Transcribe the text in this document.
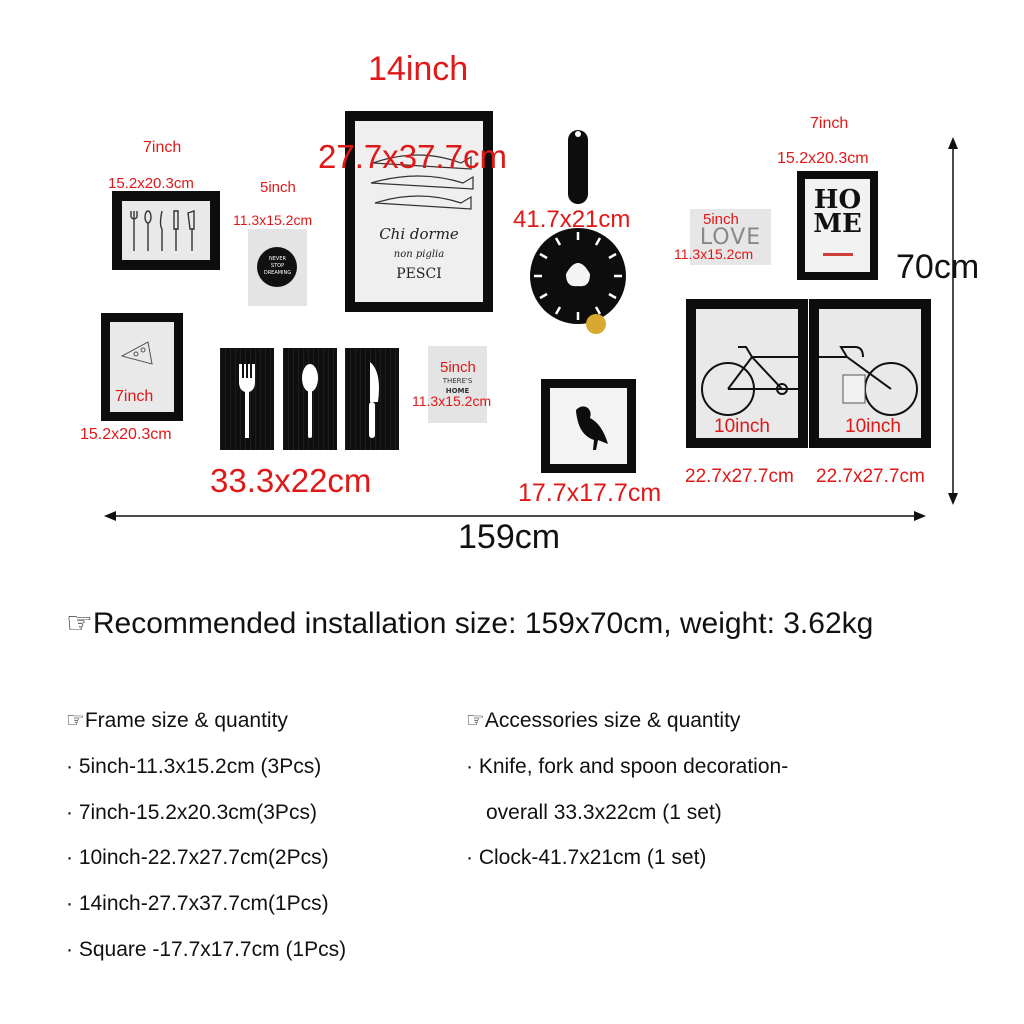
7inch
15.2x20.3cm
NEVER
STOP
DREAMING
5inch
11.3x15.2cm
Chi dorme
non piglia
PESCI
14inch
27.7x37.7cm
41.7x21cm
LOVE
5inch
11.3x15.2cm
HO
ME
7inch
15.2x20.3cm
7inch
15.2x20.3cm
33.3x22cm
THERE'S
HOME
5inch
11.3x15.2cm
17.7x17.7cm
10inch	10inch
22.7x27.7cm 22.7x27.7cm
159cm
70cm
☞Recommended installation size: 159x70cm, weight: 3.62kg
☞Frame size & quantity
· 5inch-11.3x15.2cm (3Pcs)
· 7inch-15.2x20.3cm(3Pcs)
· 10inch-22.7x27.7cm(2Pcs)
· 14inch-27.7x37.7cm(1Pcs)
· Square -17.7x17.7cm (1Pcs)
☞Accessories size & quantity
· Knife, fork and spoon decoration-
overall 33.3x22cm (1 set)
· Clock-41.7x21cm (1 set)
